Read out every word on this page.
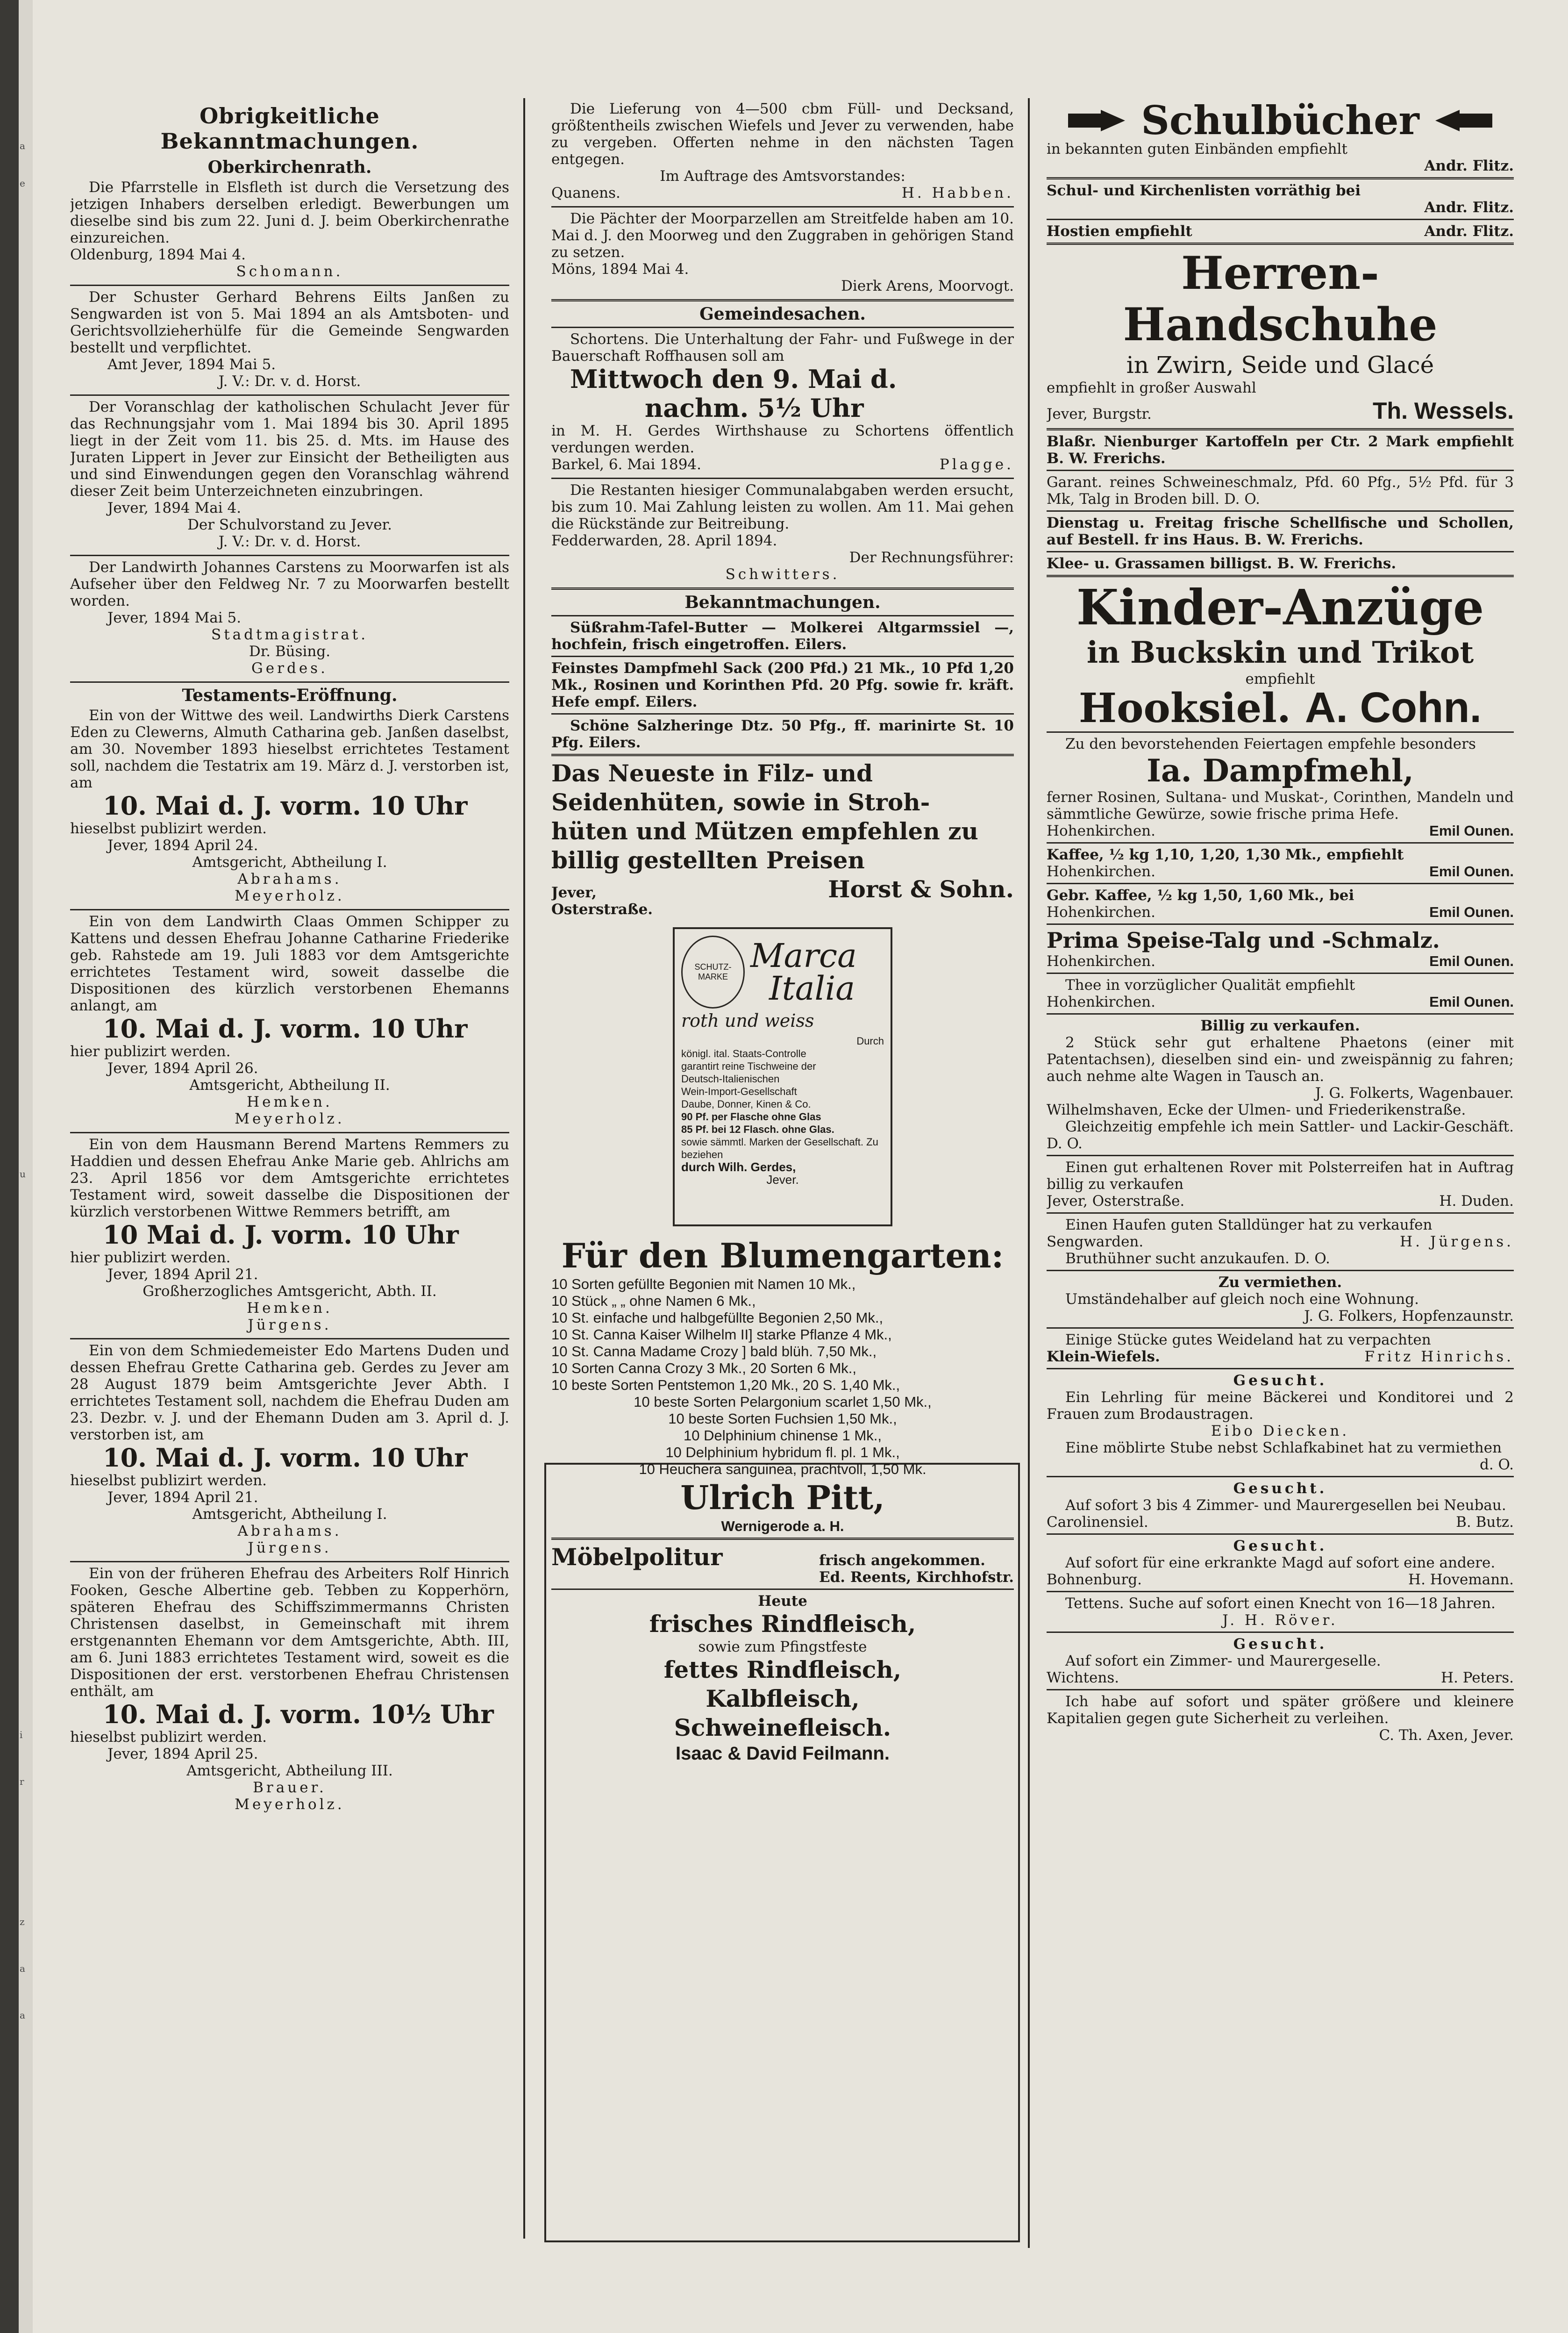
a
e
u
i
r
z
a
a
Obrigkeitliche Bekanntmachungen.
Oberkirchenrath.

Die Pfarrstelle in Elsfleth ist durch die Versetzung des jetzigen Inhabers derselben erledigt. Bewerbungen um dieselbe sind bis zum 22. Juni d. J. beim Oberkirchenrathe einzureichen.

Oldenburg, 1894 Mai 4.

Schomann.

Der Schuster Gerhard Behrens Eilts Janßen zu Sengwarden ist von 5. Mai 1894 an als Amtsboten- und Gerichtsvollzieherhülfe für die Gemeinde Sengwarden bestellt und verpflichtet.

Amt Jever, 1894 Mai 5.

J. V.: Dr. v. d. Horst.

Der Voranschlag der katholischen Schulacht Jever für das Rechnungsjahr vom 1. Mai 1894 bis 30. April 1895 liegt in der Zeit vom 11. bis 25. d. Mts. im Hause des Juraten Lippert in Jever zur Einsicht der Betheiligten aus und sind Einwendungen gegen den Voranschlag während dieser Zeit beim Unterzeichneten einzubringen.

Jever, 1894 Mai 4.

Der Schulvorstand zu Jever.

J. V.: Dr. v. d. Horst.

Der Landwirth Johannes Carstens zu Moorwarfen ist als Aufseher über den Feldweg Nr. 7 zu Moorwarfen bestellt worden.

Jever, 1894 Mai 5.

Stadtmagistrat.

Dr. Büsing.

Gerdes.

Testaments-Eröffnung.

Ein von der Wittwe des weil. Landwirths Dierk Carstens Eden zu Clewerns, Almuth Catharina geb. Janßen daselbst, am 30. November 1893 hieselbst errichtetes Testament soll, nachdem die Testatrix am 19. März d. J. verstorben ist, am

10. Mai d. J. vorm. 10 Uhr

hieselbst publizirt werden.

Jever, 1894 April 24.

Amtsgericht, Abtheilung I.

Abrahams.

Meyerholz.

Ein von dem Landwirth Claas Ommen Schipper zu Kattens und dessen Ehefrau Johanne Catharine Friederike geb. Rahstede am 19. Juli 1883 vor dem Amtsgerichte errichtetes Testament wird, soweit dasselbe die Dispositionen des kürzlich verstorbenen Ehemanns anlangt, am

10. Mai d. J. vorm. 10 Uhr

hier publizirt werden.

Jever, 1894 April 26.

Amtsgericht, Abtheilung II.

Hemken.

Meyerholz.

Ein von dem Hausmann Berend Martens Remmers zu Haddien und dessen Ehefrau Anke Marie geb. Ahlrichs am 23. April 1856 vor dem Amtsgerichte errichtetes Testament wird, soweit dasselbe die Dispositionen der kürzlich verstorbenen Wittwe Remmers betrifft, am

10 Mai d. J. vorm. 10 Uhr

hier publizirt werden.

Jever, 1894 April 21.

Großherzogliches Amtsgericht, Abth. II.

Hemken.

Jürgens.

Ein von dem Schmiedemeister Edo Martens Duden und dessen Ehefrau Grette Catharina geb. Gerdes zu Jever am 28 August 1879 beim Amtsgerichte Jever Abth. I errichtetes Testament soll, nachdem die Ehefrau Duden am 23. Dezbr. v. J. und der Ehemann Duden am 3. April d. J. verstorben ist, am

10. Mai d. J. vorm. 10 Uhr

hieselbst publizirt werden.

Jever, 1894 April 21.

Amtsgericht, Abtheilung I.

Abrahams.

Jürgens.

Ein von der früheren Ehefrau des Arbeiters Rolf Hinrich Fooken, Gesche Albertine geb. Tebben zu Kopperhörn, späteren Ehefrau des Schiffszimmermanns Christen Christensen daselbst, in Gemeinschaft mit ihrem erstgenannten Ehemann vor dem Amtsgerichte, Abth. III, am 6. Juni 1883 errichtetes Testament wird, soweit es die Dispositionen der erst. verstorbenen Ehefrau Christensen enthält, am

10. Mai d. J. vorm. 10½ Uhr

hieselbst publizirt werden.

Jever, 1894 April 25.

Amtsgericht, Abtheilung III.

Brauer.

Meyerholz.

Die Lieferung von 4—500 cbm Füll- und Decksand, größtentheils zwischen Wiefels und Jever zu verwenden, habe zu vergeben. Offerten nehme in den nächsten Tagen entgegen.

Im Auftrage des Amtsvorstandes:

Quanens.	H. Habben.

Die Pächter der Moorparzellen am Streitfelde haben am 10. Mai d. J. den Moorweg und den Zuggraben in gehörigen Stand zu setzen.

Möns, 1894 Mai 4.

Dierk Arens, Moorvogt.

Gemeindesachen.

Schortens. Die Unterhaltung der Fahr- und Fußwege in der Bauerschaft Roffhausen soll am

Mittwoch den 9. Mai d.

nachm. 5½ Uhr

in M. H. Gerdes Wirthshause zu Schortens öffentlich verdungen werden.

Barkel, 6. Mai 1894.	Plagge.

Die Restanten hiesiger Communalabgaben werden ersucht, bis zum 10. Mai Zahlung leisten zu wollen. Am 11. Mai gehen die Rückstände zur Beitreibung.

Fedderwarden, 28. April 1894.

Der Rechnungsführer:

Schwitters.

Bekanntmachungen.

Süßrahm-Tafel-Butter — Molkerei Altgarmssiel —, hochfein, frisch eingetroffen. Eilers.

Feinstes Dampfmehl Sack (200 Pfd.) 21 Mk., 10 Pfd 1,20 Mk., Rosinen und Korinthen Pfd. 20 Pfg. sowie fr. kräft. Hefe empf. Eilers.

Schöne Salzheringe Dtz. 50 Pfg., ff. marinirte St. 10 Pfg. Eilers.

Das Neueste in Filz- und

Seidenhüten, sowie in Stroh-

hüten und Mützen empfehlen zu

billig gestellten Preisen

Jever, Osterstraße.

Horst & Sohn.

SCHUTZ-MARKE
Marca
Italia
roth und weiss

Durch

königl. ital. Staats-Controlle

garantirt reine Tischweine der

Deutsch-Italienischen

Wein-Import-Gesellschaft

Daube, Donner, Kinen & Co.

90 Pf. per Flasche ohne Glas

85 Pf. bei 12 Flasch. ohne Glas.

sowie sämmtl. Marken der Gesellschaft. Zu beziehen

durch Wilh. Gerdes,

Jever.

Für den Blumengarten:

10 Sorten gefüllte Begonien mit Namen 10 Mk.,

10 Stück „ „ ohne Namen 6 Mk.,

10 St. einfache und halbgefüllte Begonien 2,50 Mk.,

10 St. Canna Kaiser Wilhelm II] starke Pflanze 4 Mk.,

10 St. Canna Madame Crozy ] bald blüh. 7,50 Mk.,

10 Sorten Canna Crozy 3 Mk., 20 Sorten 6 Mk.,

10 beste Sorten Pentstemon 1,20 Mk., 20 S. 1,40 Mk.,

10 beste Sorten Pelargonium scarlet 1,50 Mk.,

10 beste Sorten Fuchsien 1,50 Mk.,

10 Delphinium chinense 1 Mk.,

10 Delphinium hybridum fl. pl. 1 Mk.,

10 Heuchera sanguinea, prachtvoll, 1,50 Mk.

Ulrich Pitt,

Wernigerode a. H.

Möbelpolitur	frisch angekommen.

Ed. Reents, Kirchhofstr.

Heute

frisches Rindfleisch,

sowie zum Pfingstfeste

fettes Rindfleisch,

Kalbfleisch,

Schweinefleisch.

Isaac & David Feilmann.

Schulbücher

in bekannten guten Einbänden empfiehlt

Andr. Flitz.

Schul- und Kirchenlisten vorräthig bei

Andr. Flitz.

Hostien empfiehlt	Andr. Flitz.

Herren-Handschuhe

in Zwirn, Seide und Glacé

empfiehlt in großer Auswahl

Jever, Burgstr.	Th. Wessels.

Blaßr. Nienburger Kartoffeln per Ctr. 2 Mark empfiehlt B. W. Frerichs.

Garant. reines Schweineschmalz, Pfd. 60 Pfg., 5½ Pfd. für 3 Mk, Talg in Broden bill. D. O.

Dienstag u. Freitag frische Schellfische und Schollen, auf Bestell. fr ins Haus. B. W. Frerichs.

Klee- u. Grassamen billigst. B. W. Frerichs.

Kinder-Anzüge

in Buckskin und Trikot

empfiehlt

Hooksiel. A. Cohn.

Zu den bevorstehenden Feiertagen empfehle besonders

Ia. Dampfmehl,

ferner Rosinen, Sultana- und Muskat-, Corinthen, Mandeln und sämmtliche Gewürze, sowie frische prima Hefe.

Hohenkirchen.	Emil Ounen.

Kaffee, ½ kg 1,10, 1,20, 1,30 Mk., empfiehlt

Hohenkirchen.	Emil Ounen.

Gebr. Kaffee, ½ kg 1,50, 1,60 Mk., bei

Hohenkirchen.	Emil Ounen.

Prima Speise-Talg und -Schmalz.

Hohenkirchen.	Emil Ounen.

Thee in vorzüglicher Qualität empfiehlt

Hohenkirchen.	Emil Ounen.

Billig zu verkaufen.

2 Stück sehr gut erhaltene Phaetons (einer mit Patentachsen), dieselben sind ein- und zweispännig zu fahren; auch nehme alte Wagen in Tausch an.

J. G. Folkerts, Wagenbauer.

Wilhelmshaven, Ecke der Ulmen- und Friederikenstraße.

Gleichzeitig empfehle ich mein Sattler- und Lackir-Geschäft. D. O.

Einen gut erhaltenen Rover mit Polsterreifen hat in Auftrag billig zu verkaufen

Jever, Osterstraße.	H. Duden.

Einen Haufen guten Stalldünger hat zu verkaufen

Sengwarden.	H. Jürgens.

Bruthühner sucht anzukaufen. D. O.

Zu vermiethen.

Umständehalber auf gleich noch eine Wohnung.

J. G. Folkers, Hopfenzaunstr.

Einige Stücke gutes Weideland hat zu verpachten

Klein-Wiefels.	Fritz Hinrichs.

Gesucht.

Ein Lehrling für meine Bäckerei und Konditorei und 2 Frauen zum Brodaustragen.

Eibo Diecken.

Eine möblirte Stube nebst Schlafkabinet hat zu vermiethen

d. O.

Gesucht.

Auf sofort 3 bis 4 Zimmer- und Maurergesellen bei Neubau.

Carolinensiel.	B. Butz.

Gesucht.

Auf sofort für eine erkrankte Magd auf sofort eine andere.

Bohnenburg.	H. Hovemann.

Tettens. Suche auf sofort einen Knecht von 16—18 Jahren.

J. H. Röver.

Gesucht.

Auf sofort ein Zimmer- und Maurergeselle.

Wichtens.	H. Peters.

Ich habe auf sofort und später größere und kleinere Kapitalien gegen gute Sicherheit zu verleihen.

C. Th. Axen, Jever.
